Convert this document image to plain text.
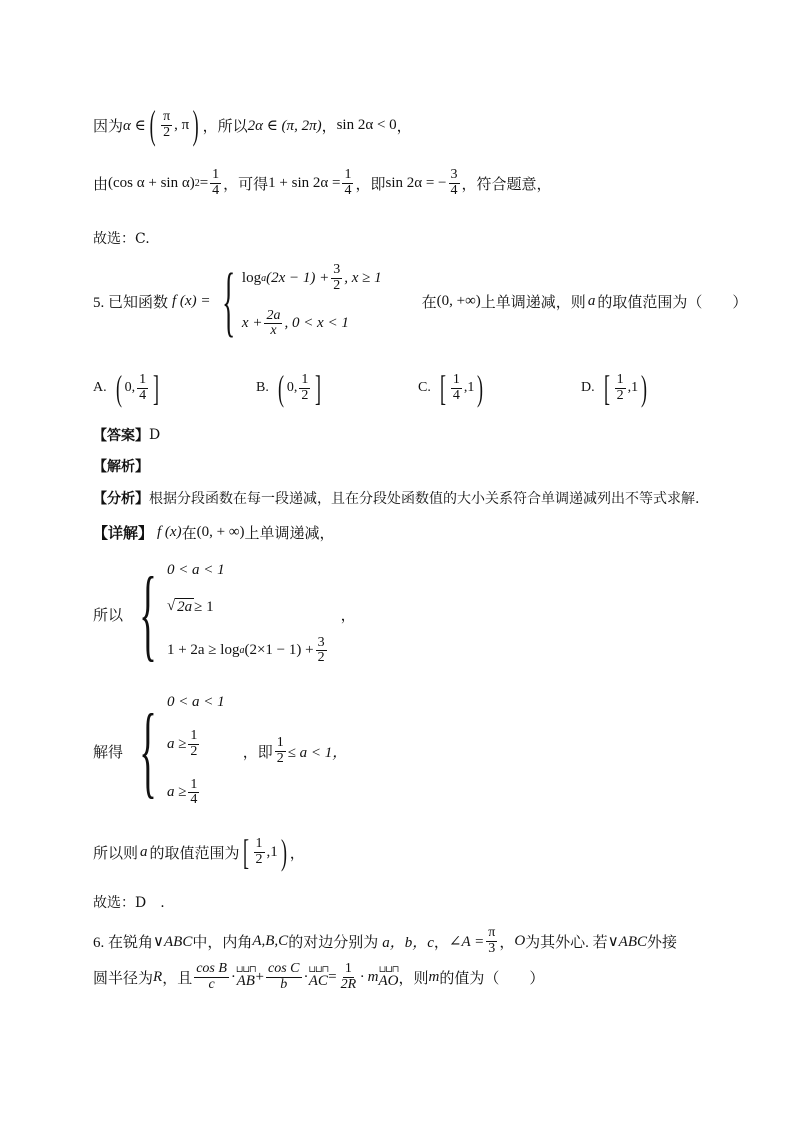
因为 α ∈ ( $\frac{\pi}{2}$ , π ) ，所以 2α ∈ (π, 2π) ， sin 2α < 0 ，
由 (cos α + sin α) $2 = \frac{1}{4}$ ，可得 $1 + \sin 2\alpha = \frac{1}{4}$ ，即 sin 2α = − $\frac{3}{4}$ ，符合题意，
故选：C.
5. 已知函数 f (x) = { log a $(2x - 1) + \frac{3}{2}$ , x ≥ 1
$x + \frac{2a}{x}$ , 0 < x < 1
在 (0, +∞) 上单调递减，则 a 的取值范围为（　　）
A. ( 0, $\frac{1}{4}$ ]	B. ( 0, $\frac{1}{2}$ ]	C. [ $\frac{1}{4} ,1$ )	D. [ $\frac{1}{2} ,1$ )
【答案】 D
【解析】
【分析】 根据分段函数在每一段递减，且在分段处函数值的大小关系符合单调递减列出不等式求解.
【详解】 f (x) 在 (0, + ∞) 上单调递减，
所以 { 0 < a < 1
√ 2a ≥ 1
1 + 2a ≥ log a $(2\times 1 - 1) + \frac{3}{2}$
，
解得 { 0 < a < 1
$a \ge \frac{1}{2}$
$a \ge \frac{1}{4}$
，即 $\frac{1}{2} \le a < 1$，
所以则 a 的取值范围为 [ $\frac{1}{2} ,1$ ) ，
故选：D　.
6. 在锐角 ∨ABC 中，内角 A,B,C 的对边分别为 a，b，c ， ∠A = $\frac{\pi}{3}$ ， O 为其外心. 若 ∨ABC 外接
圆半径为 R ，且 $\frac{\text{cos B}}{c}$ · ⊔⊔⊓
AB + $\frac{\text{cos C}}{b}$ · ⊔⊔⊓
AC = $\frac{1}{2R} \cdot m$ ⊔⊔⊓
AO ，则 m 的值为（　　）
